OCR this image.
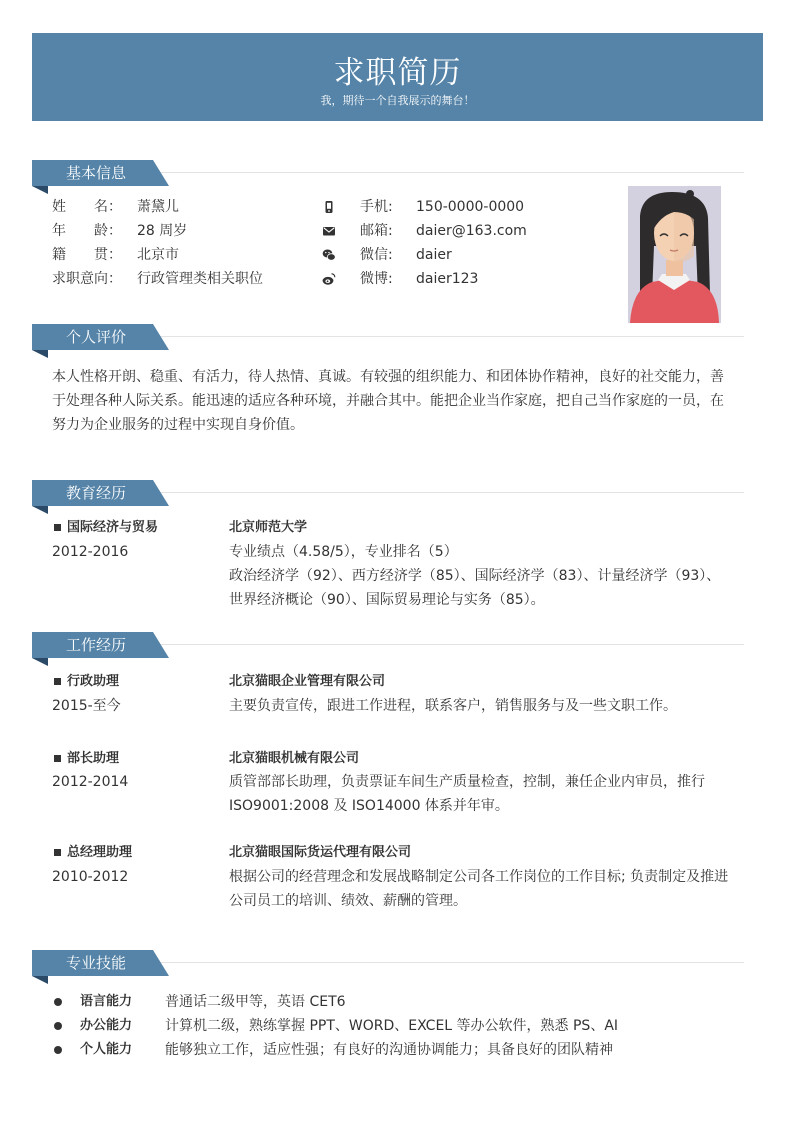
求职简历
我，期待一个自我展示的舞台！
基本信息
姓　　名： 萧黛儿
年　　龄： 28 周岁
籍　　贯： 北京市
求职意向： 行政管理类相关职位
手机: 150-0000-0000
邮箱: daier@163.com
微信: daier
微博: daier123
个人评价
本人性格开朗、稳重、有活力，待人热情、真诚。有较强的组织能力、和团体协作精神，良好的社交能力，善
于处理各种人际关系。能迅速的适应各种环境，并融合其中。能把企业当作家庭，把自己当作家庭的一员，在
努力为企业服务的过程中实现自身价值。
教育经历
国际经济与贸易
2012-2016
北京师范大学
专业绩点（4.58/5），专业排名（5）
政治经济学（92）、西方经济学（85）、国际经济学（83）、计量经济学（93）、
世界经济概论（90）、国际贸易理论与实务（85）。
工作经历
行政助理
2015-至今
北京猫眼企业管理有限公司
主要负责宣传，跟进工作进程，联系客户，销售服务与及一些文职工作。
部长助理
2012-2014
北京猫眼机械有限公司
质管部部长助理，负责票证车间生产质量检查，控制，兼任企业内审员，推行
ISO9001:2008 及 ISO14000 体系并年审。
总经理助理
2010-2012
北京猫眼国际货运代理有限公司
根据公司的经营理念和发展战略制定公司各工作岗位的工作目标; 负责制定及推进
公司员工的培训、绩效、薪酬的管理。
专业技能
语言能力 普通话二级甲等，英语 CET6
办公能力 计算机二级，熟练掌握 PPT、WORD、EXCEL 等办公软件，熟悉 PS、AI
个人能力 能够独立工作，适应性强；有良好的沟通协调能力；具备良好的团队精神
